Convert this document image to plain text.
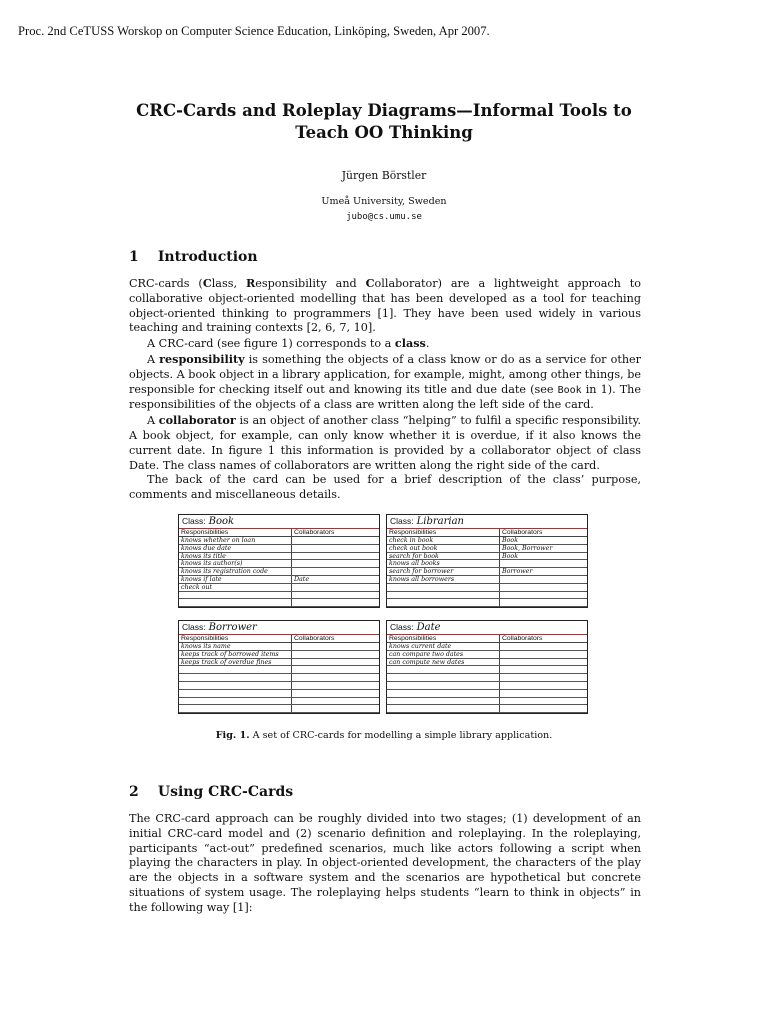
Proc. 2nd CeTUSS Worskop on Computer Science Education, Linköping, Sweden, Apr 2007.
CRC-Cards and Roleplay Diagrams—Informal Tools to
Teach OO Thinking
Jürgen Börstler
Umeå University, Sweden
jubo@cs.umu.se
1 Introduction

CRC-cards (Class, Responsibility and Collaborator) are a lightweight approach to collaborative object-oriented modelling that has been developed as a tool for teaching object-oriented thinking to programmers [1]. They have been used widely in various teaching and training contexts [2, 6, 7, 10].

A CRC-card (see figure 1) corresponds to a class.

A responsibility is something the objects of a class know or do as a service for other objects. A book object in a library application, for example, might, among other things, be responsible for checking itself out and knowing its title and due date (see Book in 1). The responsibilities of the objects of a class are written along the left side of the card.

A collaborator is an object of another class “helping” to fulfil a specific responsibility. A book object, for example, can only know whether it is overdue, if it also knows the current date. In figure 1 this information is provided by a collaborator object of class Date. The class names of collaborators are written along the right side of the card.

The back of the card can be used for a brief description of the class’ purpose, comments and miscellaneous details.

Class: Book
Responsibilities	Collaborators
knows whether on loan
knows due date
knows its title
knows its author(s)
knows its registration code
knows if late	Date
check out
Class: Librarian
Responsibilities	Collaborators
check in book	Book
check out book	Book, Borrower
search for book	Book
knows all books
search for borrower	Borrower
knows all borrowers
Class: Borrower
Responsibilities	Collaborators
knows its name
keeps track of borrowed items
keeps track of overdue fines
Class: Date
Responsibilities	Collaborators
knows current date
can compare two dates
can compute new dates
Fig. 1. A set of CRC-cards for modelling a simple library application.
2 Using CRC-Cards

The CRC-card approach can be roughly divided into two stages; (1) development of an initial CRC-card model and (2) scenario definition and roleplaying. In the roleplaying, participants “act-out” predefined scenarios, much like actors following a script when playing the characters in play. In object-oriented development, the characters of the play are the objects in a software system and the scenarios are hypothetical but concrete situations of system usage. The roleplaying helps students “learn to think in objects” in the following way [1]:
